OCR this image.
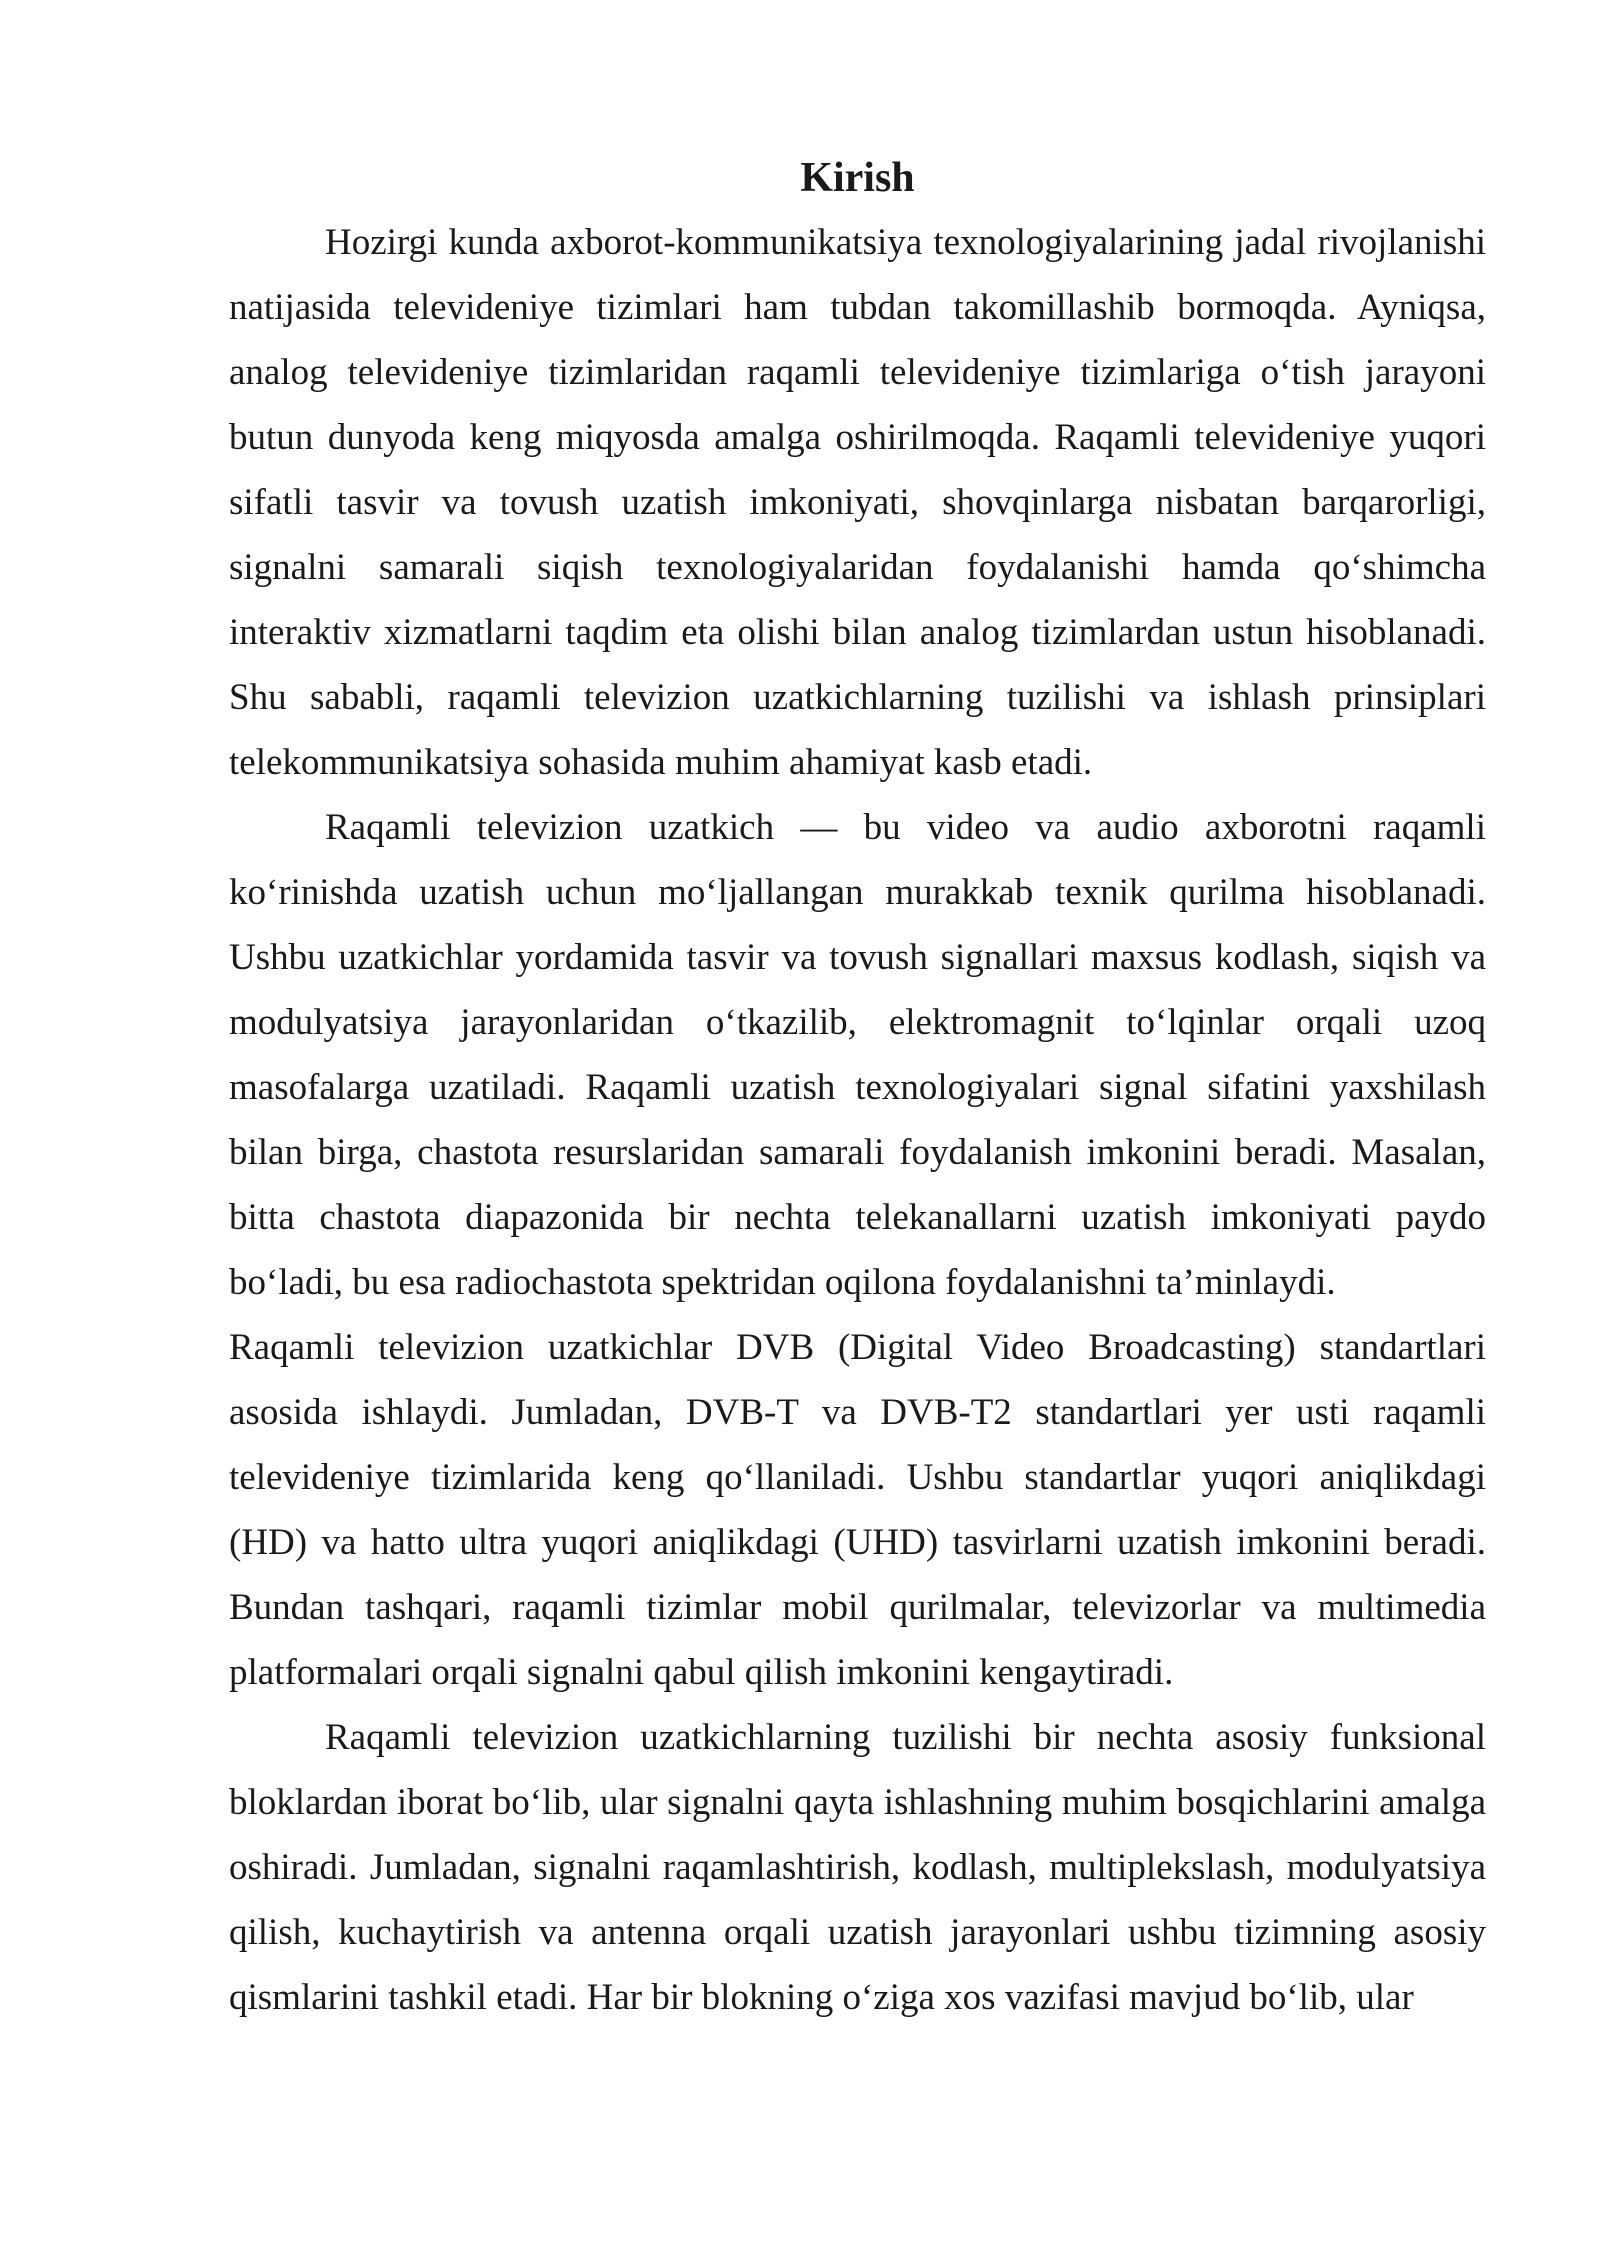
Kirish

Hozirgi kunda axborot-kommunikatsiya texnologiyalarining jadal rivojlanishi natijasida televideniye tizimlari ham tubdan takomillashib bormoqda. Ayniqsa, analog televideniye tizimlaridan raqamli televideniye tizimlariga oʻtish jarayoni butun dunyoda keng miqyosda amalga oshirilmoqda. Raqamli televideniye yuqori sifatli tasvir va tovush uzatish imkoniyati, shovqinlarga nisbatan barqarorligi, signalni samarali siqish texnologiyalaridan foydalanishi hamda qoʻshimcha interaktiv xizmatlarni taqdim eta olishi bilan analog tizimlardan ustun hisoblanadi. Shu sababli, raqamli televizion uzatkichlarning tuzilishi va ishlash prinsiplari telekommunikatsiya sohasida muhim ahamiyat kasb etadi.

Raqamli televizion uzatkich — bu video va audio axborotni raqamli koʻrinishda uzatish uchun moʻljallangan murakkab texnik qurilma hisoblanadi. Ushbu uzatkichlar yordamida tasvir va tovush signallari maxsus kodlash, siqish va modulyatsiya jarayonlaridan oʻtkazilib, elektromagnit toʻlqinlar orqali uzoq masofalarga uzatiladi. Raqamli uzatish texnologiyalari signal sifatini yaxshilash bilan birga, chastota resurslaridan samarali foydalanish imkonini beradi. Masalan, bitta chastota diapazonida bir nechta telekanallarni uzatish imkoniyati paydo boʻladi, bu esa radiochastota spektridan oqilona foydalanishni taʼminlaydi.

Raqamli televizion uzatkichlar DVB (Digital Video Broadcasting) standartlari asosida ishlaydi. Jumladan, DVB-T va DVB-T2 standartlari yer usti raqamli televideniye tizimlarida keng qoʻllaniladi. Ushbu standartlar yuqori aniqlikdagi (HD) va hatto ultra yuqori aniqlikdagi (UHD) tasvirlarni uzatish imkonini beradi. Bundan tashqari, raqamli tizimlar mobil qurilmalar, televizorlar va multimedia platformalari orqali signalni qabul qilish imkonini kengaytiradi.

Raqamli televizion uzatkichlarning tuzilishi bir nechta asosiy funksional bloklardan iborat boʻlib, ular signalni qayta ishlashning muhim bosqichlarini amalga oshiradi. Jumladan, signalni raqamlashtirish, kodlash, multiplekslash, modulyatsiya qilish, kuchaytirish va antenna orqali uzatish jarayonlari ushbu tizimning asosiy qismlarini tashkil etadi. Har bir blokning oʻziga xos vazifasi mavjud boʻlib, ular
